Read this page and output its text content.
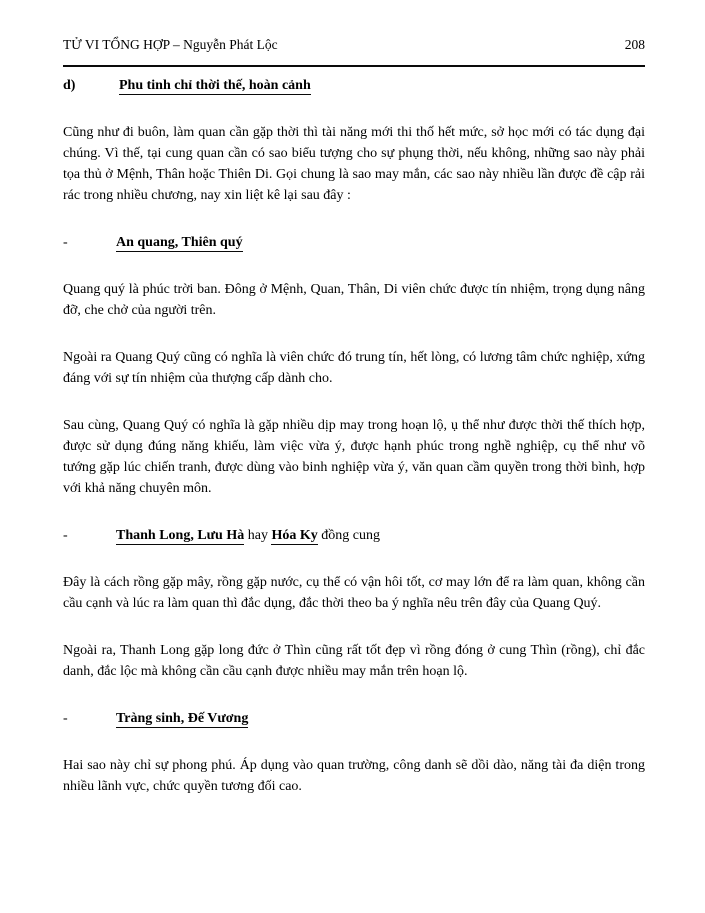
TỬ VI TỔNG HỢP – Nguyễn Phát Lộc	208
d)	Phu tinh chỉ thời thế, hoàn cảnh

Cũng như đi buôn, làm quan cần gặp thời thì tài năng mới thi thố hết mức, sở học mới có tác dụng đại chúng. Vì thế, tại cung quan cần có sao biểu tượng cho sự phụng thời, nếu không, những sao này phải tọa thủ ở Mệnh, Thân hoặc Thiên Di. Gọi chung là sao may mắn, các sao này nhiều lần được đề cập rải rác trong nhiều chương, nay xin liệt kê lại sau đây :

-	An quang, Thiên quý

Quang quý là phúc trời ban. Đông ở Mệnh, Quan, Thân, Di viên chức được tín nhiệm, trọng dụng nâng đỡ, che chở của người trên.

Ngoài ra Quang Quý cũng có nghĩa là viên chức đó trung tín, hết lòng, có lương tâm chức nghiệp, xứng đáng với sự tín nhiệm của thượng cấp dành cho.

Sau cùng, Quang Quý có nghĩa là gặp nhiều dịp may trong hoạn lộ, ụ thể như được thời thế thích hợp, được sử dụng đúng năng khiếu, làm việc vừa ý, được hạnh phúc trong nghề nghiệp, cụ thể như võ tướng gặp lúc chiến tranh, được dùng vào binh nghiệp vừa ý, văn quan cầm quyền trong thời bình, hợp với khả năng chuyên môn.

-	Thanh Long, Lưu Hà hay Hóa Ky đồng cung

Đây là cách rồng gặp mây, rồng gặp nước, cụ thể có vận hôi tốt, cơ may lớn để ra làm quan, không cần cầu cạnh và lúc ra làm quan thì đắc dụng, đắc thời theo ba ý nghĩa nêu trên đây của Quang Quý.

Ngoài ra, Thanh Long gặp long đức ở Thìn cũng rất tốt đẹp vì rồng đóng ở cung Thìn (rồng), chỉ đắc danh, đắc lộc mà không cần cầu cạnh được nhiều may mắn trên hoạn lộ.

-	Tràng sinh, Đế Vương

Hai sao này chỉ sự phong phú. Áp dụng vào quan trường, công danh sẽ dồi dào, năng tài đa diện trong nhiều lãnh vực, chức quyền tương đối cao.
